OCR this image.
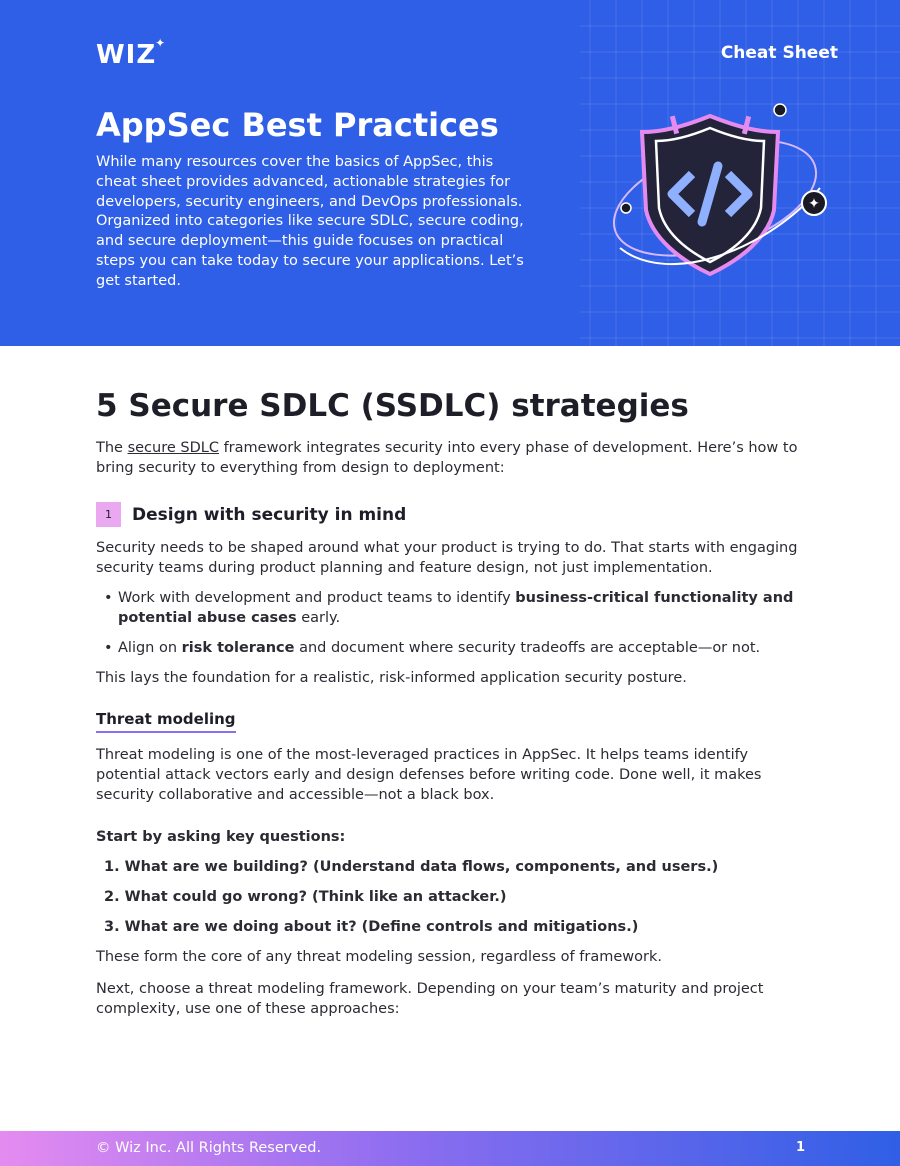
WIZ
✦	Cheat Sheet
AppSec Best Practices

While many resources cover the basics of AppSec, this cheat sheet provides advanced, actionable strategies for developers, security engineers, and DevOps professionals. Organized into categories like secure SDLC, secure coding, and secure deployment—this guide focuses on practical steps you can take today to secure your applications. Let’s get started.

✦
5 Secure SDLC (SSDLC) strategies

The secure SDLC framework integrates security into every phase of development. Here’s how to bring security to everything from design to deployment:

1	Design with security in mind

Security needs to be shaped around what your product is trying to do. That starts with engaging security teams during product planning and feature design, not just implementation.

• Work with development and product teams to identify business-critical functionality and potential abuse cases early.
• Align on risk tolerance and document where security tradeoffs are acceptable—or not.

This lays the foundation for a realistic, risk-informed application security posture.

Threat modeling

Threat modeling is one of the most-leveraged practices in AppSec. It helps teams identify potential attack vectors early and design defenses before writing code. Done well, it makes security collaborative and accessible—not a black box.

Start by asking key questions:

1. What are we building? (Understand data flows, components, and users.)
2. What could go wrong? (Think like an attacker.)
3. What are we doing about it? (Define controls and mitigations.)

These form the core of any threat modeling session, regardless of framework.

Next, choose a threat modeling framework. Depending on your team’s maturity and project complexity, use one of these approaches:

© Wiz Inc. All Rights Reserved.	1
